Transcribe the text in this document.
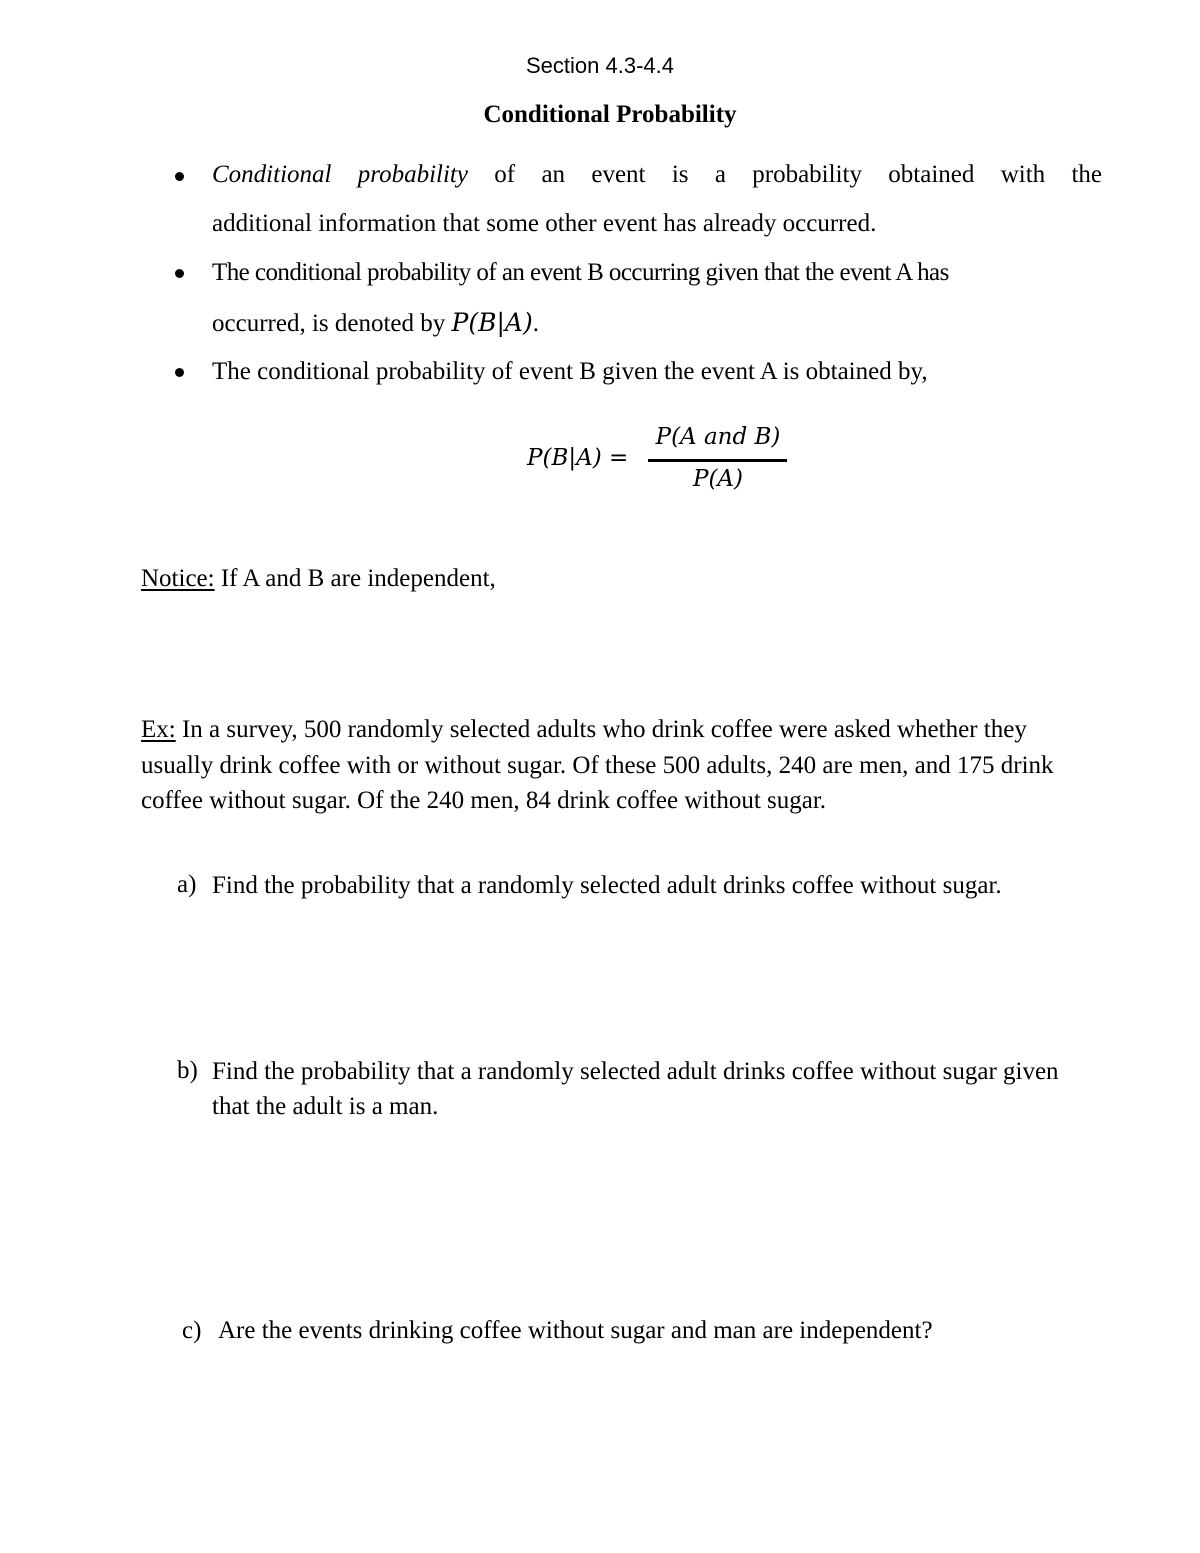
Section 4.3-4.4
Conditional Probability
Conditional probability of an event is a probability obtained with the
additional information that some other event has already occurred.
The conditional probability of an event B occurring given that the event A has
occurred, is denoted by P(B|A).
The conditional probability of event B given the event A is obtained by,
P(B|A) =
P(A and B)
P(A)
Notice: If A and B are independent,
Ex: In a survey, 500 randomly selected adults who drink coffee were asked whether they usually drink coffee with or without sugar. Of these 500 adults, 240 are men, and 175 drink coffee without sugar. Of the 240 men, 84 drink coffee without sugar.
a) Find the probability that a randomly selected adult drinks coffee without sugar.
b) Find the probability that a randomly selected adult drinks coffee without sugar given that the adult is a man.
c) Are the events drinking coffee without sugar and man are independent?
